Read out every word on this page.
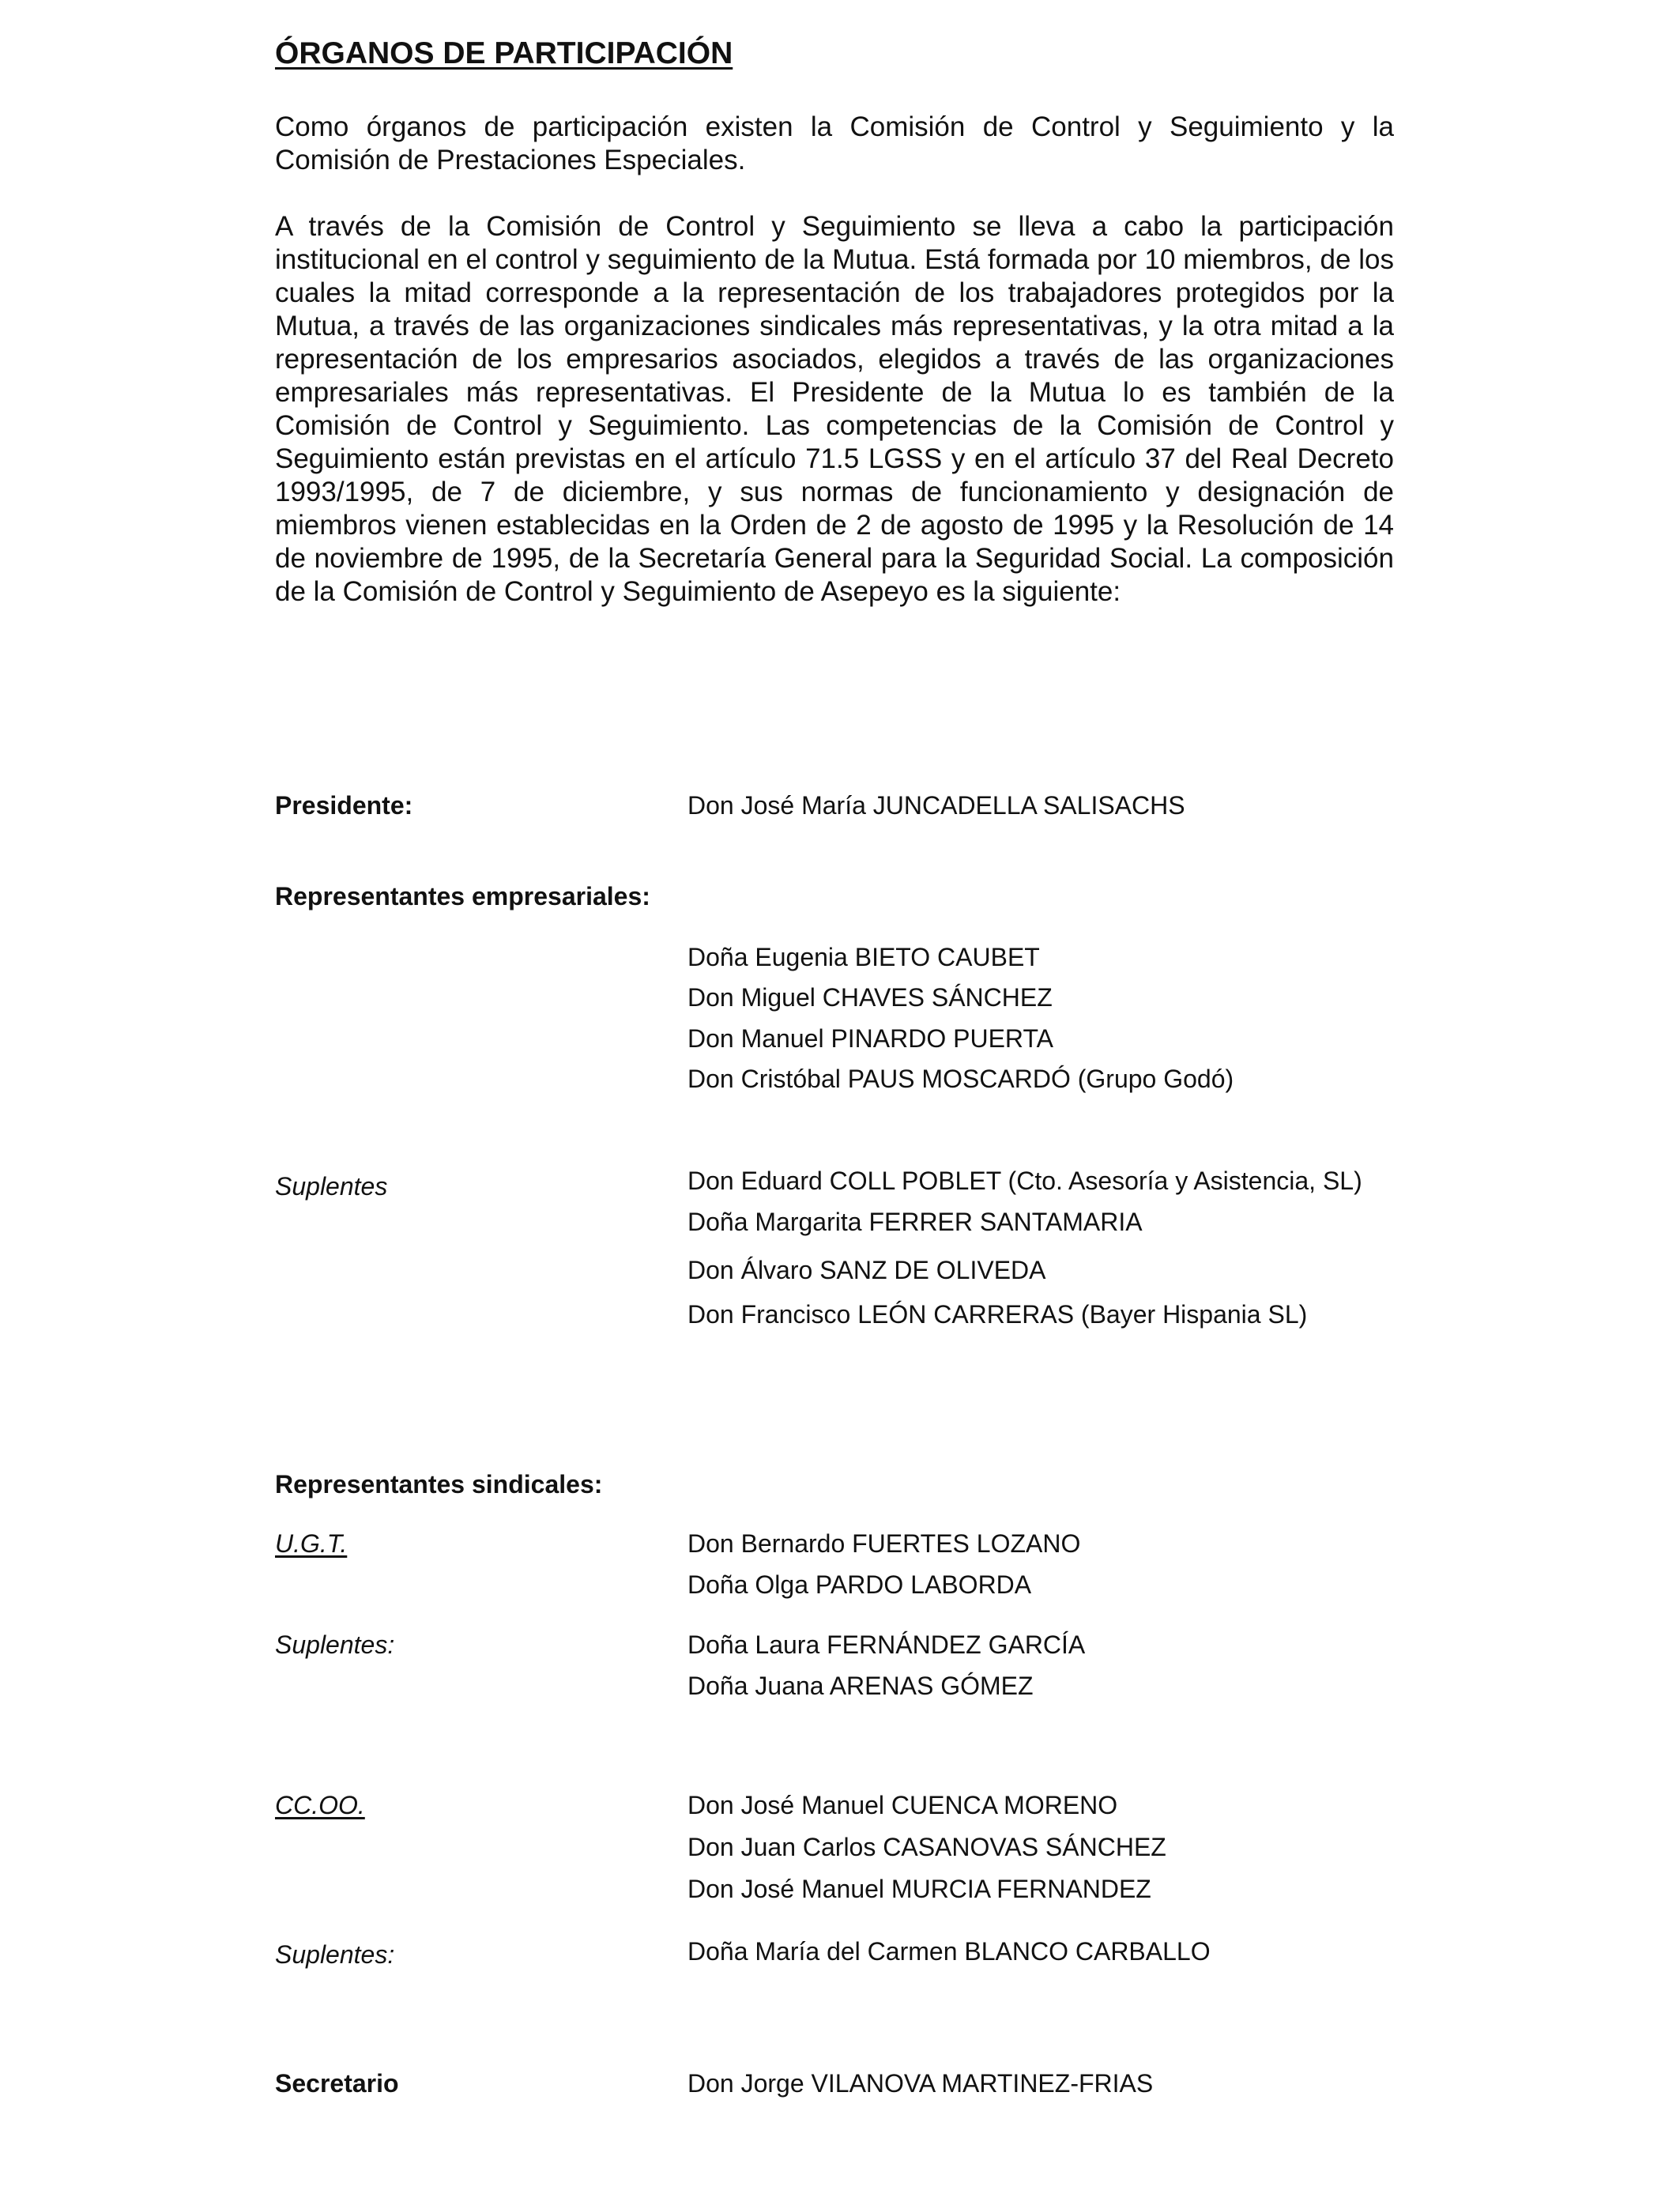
ÓRGANOS DE PARTICIPACIÓN

Como órganos de participación existen la Comisión de Control y Seguimiento y la Comisión de Prestaciones Especiales.

A través de la Comisión de Control y Seguimiento se lleva a cabo la participación institucional en el control y seguimiento de la Mutua. Está formada por 10 miembros, de los cuales la mitad corresponde a la representación de los trabajadores protegidos por la Mutua, a través de las organizaciones sindicales más representativas, y la otra mitad a la representación de los empresarios asociados, elegidos a través de las organizaciones empresariales más representativas. El Presidente de la Mutua lo es también de la Comisión de Control y Seguimiento. Las competencias de la Comisión de Control y Seguimiento están previstas en el artículo 71.5 LGSS y en el artículo 37 del Real Decreto 1993/1995, de 7 de diciembre, y sus normas de funcionamiento y designación de miembros vienen establecidas en la Orden de 2 de agosto de 1995 y la Resolución de 14 de noviembre de 1995, de la Secretaría General para la Seguridad Social. La composición de la Comisión de Control y Seguimiento de Asepeyo es la siguiente:

Presidente:	Don José María JUNCADELLA SALISACHS
Representantes empresariales:
Doña Eugenia BIETO CAUBET
Don Miguel CHAVES SÁNCHEZ
Don Manuel PINARDO PUERTA
Don Cristóbal PAUS MOSCARDÓ (Grupo Godó)
Suplentes	Don Eduard COLL POBLET (Cto. Asesoría y Asistencia, SL)
Doña Margarita FERRER SANTAMARIA
Don Álvaro SANZ DE OLIVEDA
Don Francisco LEÓN CARRERAS (Bayer Hispania SL)
Representantes sindicales:
U.G.T.	Don Bernardo FUERTES LOZANO
Doña Olga PARDO LABORDA
Suplentes:	Doña Laura FERNÁNDEZ GARCÍA
Doña Juana ARENAS GÓMEZ
CC.OO.	Don José Manuel CUENCA MORENO
Don Juan Carlos CASANOVAS SÁNCHEZ
Don José Manuel MURCIA FERNANDEZ
Suplentes:	Doña María del Carmen BLANCO CARBALLO
Secretario	Don Jorge VILANOVA MARTINEZ-FRIAS
